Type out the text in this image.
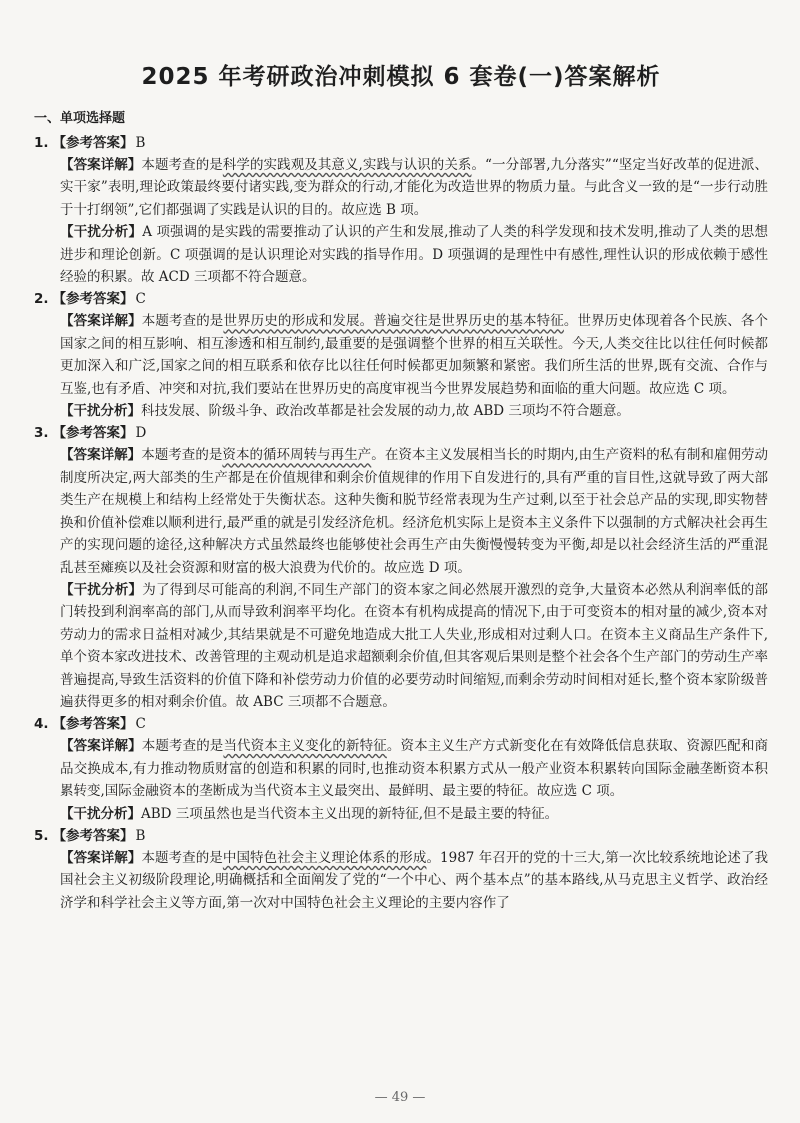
2025 年考研政治冲刺模拟 6 套卷(一)答案解析
一、单项选择题

1. 【参考答案】 B

【答案详解】本题考查的是科学的实践观及其意义,实践与认识的关系。“一分部署,九分落实”“坚定当好改革的促进派、实干家”表明,理论政策最终要付诸实践,变为群众的行动,才能化为改造世界的物质力量。与此含义一致的是“一步行动胜于十打纲领”,它们都强调了实践是认识的目的。故应选 B 项。

【干扰分析】A 项强调的是实践的需要推动了认识的产生和发展,推动了人类的科学发现和技术发明,推动了人类的思想进步和理论创新。C 项强调的是认识理论对实践的指导作用。D 项强调的是理性中有感性,理性认识的形成依赖于感性经验的积累。故 ACD 三项都不符合题意。

2. 【参考答案】 C

【答案详解】本题考查的是世界历史的形成和发展。普遍交往是世界历史的基本特征。世界历史体现着各个民族、各个国家之间的相互影响、相互渗透和相互制约,最重要的是强调整个世界的相互关联性。今天,人类交往比以往任何时候都更加深入和广泛,国家之间的相互联系和依存比以往任何时候都更加频繁和紧密。我们所生活的世界,既有交流、合作与互鉴,也有矛盾、冲突和对抗,我们要站在世界历史的高度审视当今世界发展趋势和面临的重大问题。故应选 C 项。

【干扰分析】科技发展、阶级斗争、政治改革都是社会发展的动力,故 ABD 三项均不符合题意。

3. 【参考答案】 D

【答案详解】本题考查的是资本的循环周转与再生产。在资本主义发展相当长的时期内,由生产资料的私有制和雇佣劳动制度所决定,两大部类的生产都是在价值规律和剩余价值规律的作用下自发进行的,具有严重的盲目性,这就导致了两大部类生产在规模上和结构上经常处于失衡状态。这种失衡和脱节经常表现为生产过剩,以至于社会总产品的实现,即实物替换和价值补偿难以顺利进行,最严重的就是引发经济危机。经济危机实际上是资本主义条件下以强制的方式解决社会再生产的实现问题的途径,这种解决方式虽然最终也能够使社会再生产由失衡慢慢转变为平衡,却是以社会经济生活的严重混乱甚至瘫痪以及社会资源和财富的极大浪费为代价的。故应选 D 项。

【干扰分析】为了得到尽可能高的利润,不同生产部门的资本家之间必然展开激烈的竞争,大量资本必然从利润率低的部门转投到利润率高的部门,从而导致利润率平均化。在资本有机构成提高的情况下,由于可变资本的相对量的减少,资本对劳动力的需求日益相对减少,其结果就是不可避免地造成大批工人失业,形成相对过剩人口。在资本主义商品生产条件下,单个资本家改进技术、改善管理的主观动机是追求超额剩余价值,但其客观后果则是整个社会各个生产部门的劳动生产率普遍提高,导致生活资料的价值下降和补偿劳动力价值的必要劳动时间缩短,而剩余劳动时间相对延长,整个资本家阶级普遍获得更多的相对剩余价值。故 ABC 三项都不合题意。

4. 【参考答案】 C

【答案详解】本题考查的是当代资本主义变化的新特征。资本主义生产方式新变化在有效降低信息获取、资源匹配和商品交换成本,有力推动物质财富的创造和积累的同时,也推动资本积累方式从一般产业资本积累转向国际金融垄断资本积累转变,国际金融资本的垄断成为当代资本主义最突出、最鲜明、最主要的特征。故应选 C 项。

【干扰分析】ABD 三项虽然也是当代资本主义出现的新特征,但不是最主要的特征。

5. 【参考答案】 B

【答案详解】本题考查的是中国特色社会主义理论体系的形成。1987 年召开的党的十三大,第一次比较系统地论述了我国社会主义初级阶段理论,明确概括和全面阐发了党的“一个中心、两个基本点”的基本路线,从马克思主义哲学、政治经济学和科学社会主义等方面,第一次对中国特色社会主义理论的主要内容作了

— 49 —
